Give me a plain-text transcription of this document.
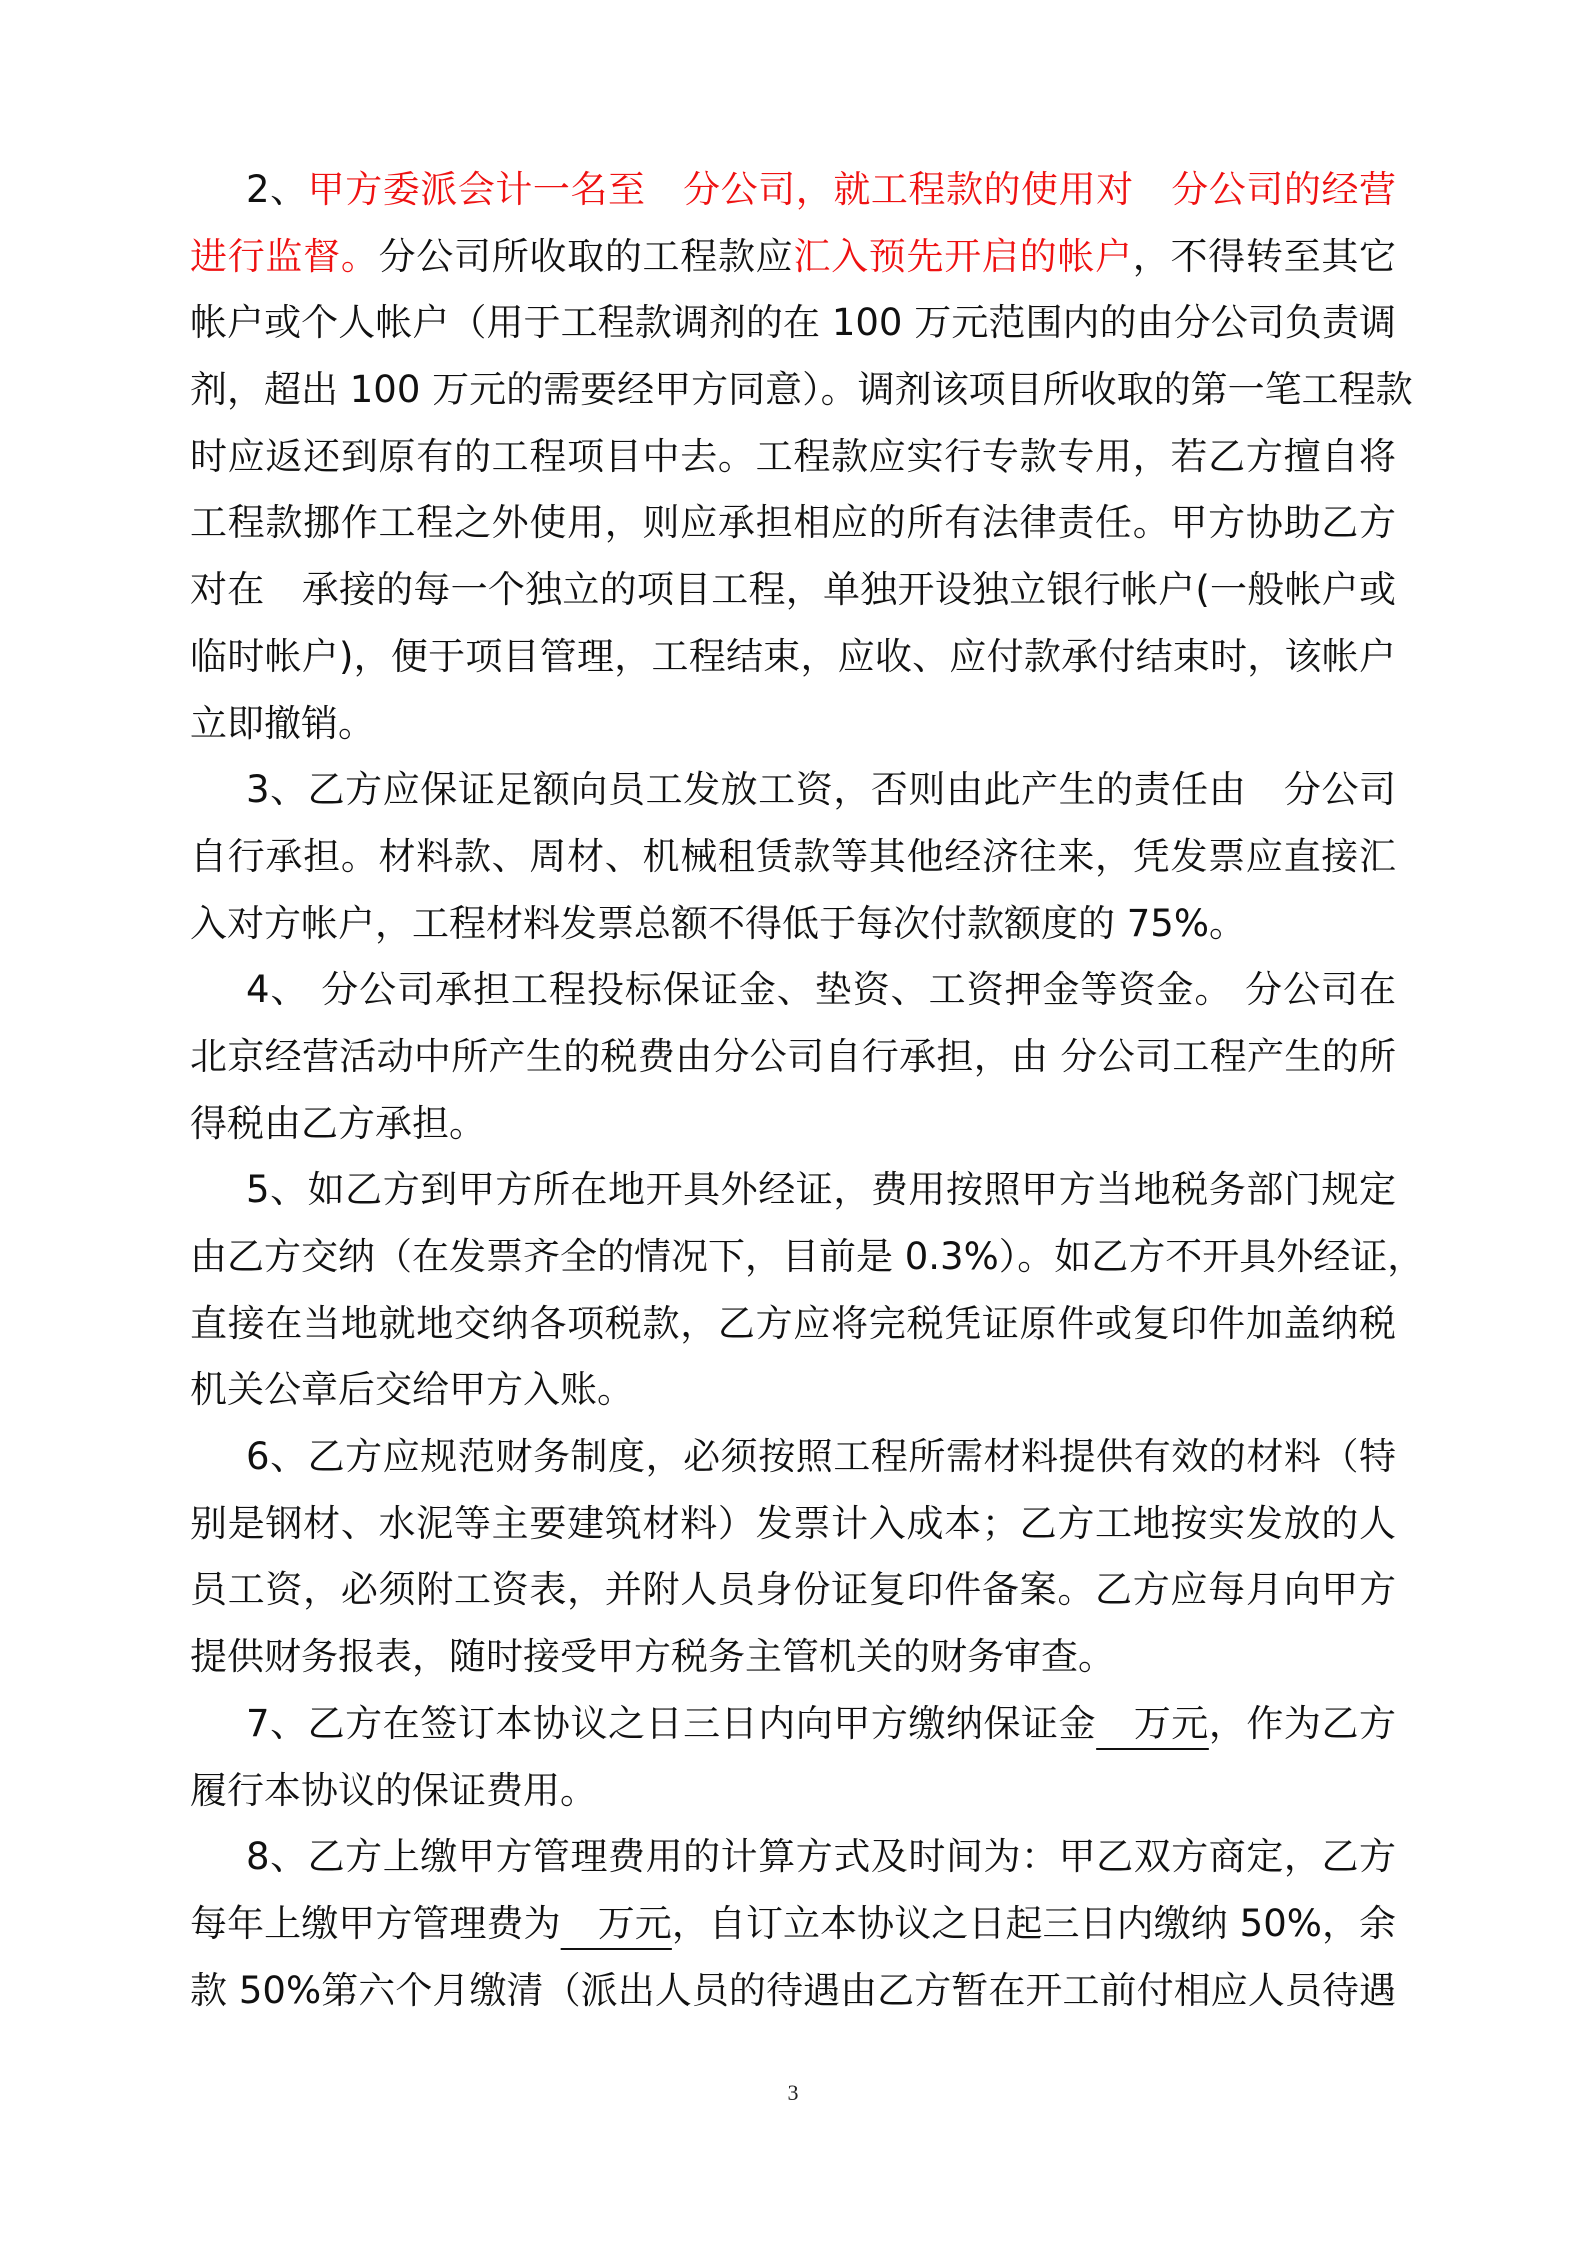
2、甲方委派会计一名至　分公司，就工程款的使用对　分公司的经营
进行监督。分公司所收取的工程款应汇入预先开启的帐户，不得转至其它
帐户或个人帐户（用于工程款调剂的在 100 万元范围内的由分公司负责调
剂，超出 100 万元的需要经甲方同意）。调剂该项目所收取的第一笔工程款
时应返还到原有的工程项目中去。工程款应实行专款专用，若乙方擅自将
工程款挪作工程之外使用，则应承担相应的所有法律责任。甲方协助乙方
对在　承接的每一个独立的项目工程，单独开设独立银行帐户(一般帐户或
临时帐户)，便于项目管理，工程结束，应收、应付款承付结束时，该帐户
立即撤销。
3、乙方应保证足额向员工发放工资，否则由此产生的责任由　分公司
自行承担。材料款、周材、机械租赁款等其他经济往来，凭发票应直接汇
入对方帐户，工程材料发票总额不得低于每次付款额度的 75%。
4、 分公司承担工程投标保证金、垫资、工资押金等资金。 分公司在
北京经营活动中所产生的税费由分公司自行承担，由 分公司工程产生的所
得税由乙方承担。
5、如乙方到甲方所在地开具外经证，费用按照甲方当地税务部门规定
由乙方交纳（在发票齐全的情况下，目前是 0.3%）。如乙方不开具外经证，
直接在当地就地交纳各项税款，乙方应将完税凭证原件或复印件加盖纳税
机关公章后交给甲方入账。
6、乙方应规范财务制度，必须按照工程所需材料提供有效的材料（特
别是钢材、水泥等主要建筑材料）发票计入成本；乙方工地按实发放的人
员工资，必须附工资表，并附人员身份证复印件备案。乙方应每月向甲方
提供财务报表，随时接受甲方税务主管机关的财务审查。
7、乙方在签订本协议之日三日内向甲方缴纳保证金　万元，作为乙方
履行本协议的保证费用。
8、乙方上缴甲方管理费用的计算方式及时间为：甲乙双方商定，乙方
每年上缴甲方管理费为　万元，自订立本协议之日起三日内缴纳 50%，余
款 50%第六个月缴清（派出人员的待遇由乙方暂在开工前付相应人员待遇
3
